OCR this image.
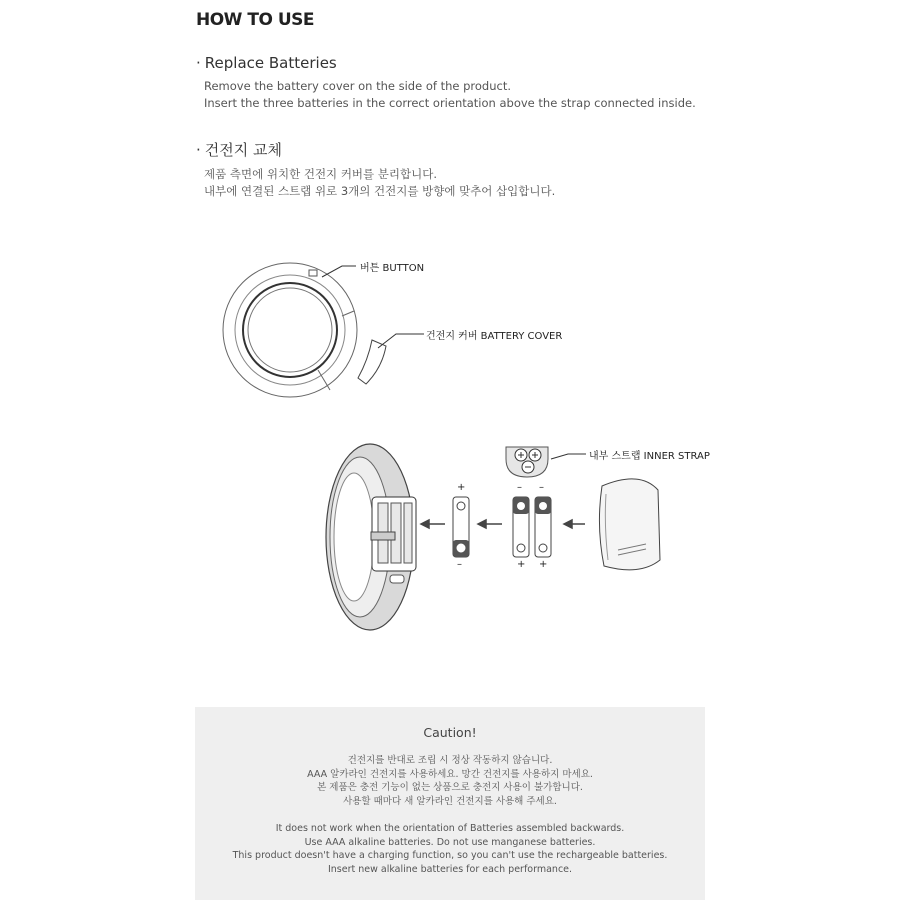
HOW TO USE
· Replace Batteries
Remove the battery cover on the side of the product.
Insert the three batteries in the correct orientation above the strap connected inside.
· 건전지 교체
제품 측면에 위치한 건전지 커버를 분리합니다.
내부에 연결된 스트랩 위로 3개의 건전지를 방향에 맞추어 삽입합니다.
+
–
– –
+ +
버튼 BUTTON
건전지 커버 BATTERY COVER
내부 스트랩 INNER STRAP
Caution!
건전지를 반대로 조립 시 정상 작동하지 않습니다.
AAA 알카라인 건전지를 사용하세요. 망간 건전지를 사용하지 마세요.
본 제품은 충전 기능이 없는 상품으로 충전지 사용이 불가합니다.
사용할 때마다 새 알카라인 건전지를 사용해 주세요.
It does not work when the orientation of Batteries assembled backwards.
Use AAA alkaline batteries. Do not use manganese batteries.
This product doesn't have a charging function, so you can't use the rechargeable batteries.
Insert new alkaline batteries for each performance.
